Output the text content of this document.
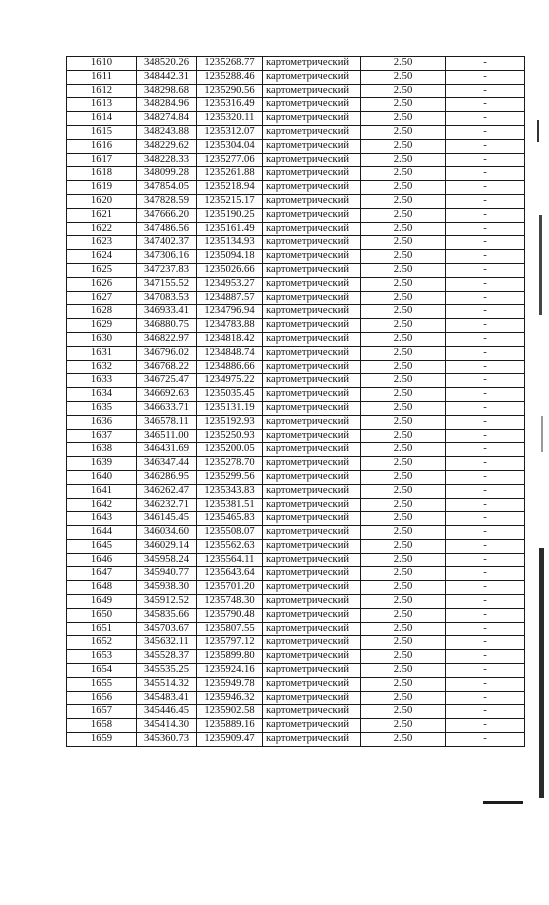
1610	348520.26	1235268.77	картометрический	2.50	-
1611	348442.31	1235288.46	картометрический	2.50	-
1612	348298.68	1235290.56	картометрический	2.50	-
1613	348284.96	1235316.49	картометрический	2.50	-
1614	348274.84	1235320.11	картометрический	2.50	-
1615	348243.88	1235312.07	картометрический	2.50	-
1616	348229.62	1235304.04	картометрический	2.50	-
1617	348228.33	1235277.06	картометрический	2.50	-
1618	348099.28	1235261.88	картометрический	2.50	-
1619	347854.05	1235218.94	картометрический	2.50	-
1620	347828.59	1235215.17	картометрический	2.50	-
1621	347666.20	1235190.25	картометрический	2.50	-
1622	347486.56	1235161.49	картометрический	2.50	-
1623	347402.37	1235134.93	картометрический	2.50	-
1624	347306.16	1235094.18	картометрический	2.50	-
1625	347237.83	1235026.66	картометрический	2.50	-
1626	347155.52	1234953.27	картометрический	2.50	-
1627	347083.53	1234887.57	картометрический	2.50	-
1628	346933.41	1234796.94	картометрический	2.50	-
1629	346880.75	1234783.88	картометрический	2.50	-
1630	346822.97	1234818.42	картометрический	2.50	-
1631	346796.02	1234848.74	картометрический	2.50	-
1632	346768.22	1234886.66	картометрический	2.50	-
1633	346725.47	1234975.22	картометрический	2.50	-
1634	346692.63	1235035.45	картометрический	2.50	-
1635	346633.71	1235131.19	картометрический	2.50	-
1636	346578.11	1235192.93	картометрический	2.50	-
1637	346511.00	1235250.93	картометрический	2.50	-
1638	346431.69	1235200.05	картометрический	2.50	-
1639	346347.44	1235278.70	картометрический	2.50	-
1640	346286.95	1235299.56	картометрический	2.50	-
1641	346262.47	1235343.83	картометрический	2.50	-
1642	346232.71	1235381.51	картометрический	2.50	-
1643	346145.45	1235465.83	картометрический	2.50	-
1644	346034.60	1235508.07	картометрический	2.50	-
1645	346029.14	1235562.63	картометрический	2.50	-
1646	345958.24	1235564.11	картометрический	2.50	-
1647	345940.77	1235643.64	картометрический	2.50	-
1648	345938.30	1235701.20	картометрический	2.50	-
1649	345912.52	1235748.30	картометрический	2.50	-
1650	345835.66	1235790.48	картометрический	2.50	-
1651	345703.67	1235807.55	картометрический	2.50	-
1652	345632.11	1235797.12	картометрический	2.50	-
1653	345528.37	1235899.80	картометрический	2.50	-
1654	345535.25	1235924.16	картометрический	2.50	-
1655	345514.32	1235949.78	картометрический	2.50	-
1656	345483.41	1235946.32	картометрический	2.50	-
1657	345446.45	1235902.58	картометрический	2.50	-
1658	345414.30	1235889.16	картометрический	2.50	-
1659	345360.73	1235909.47	картометрический	2.50	-
